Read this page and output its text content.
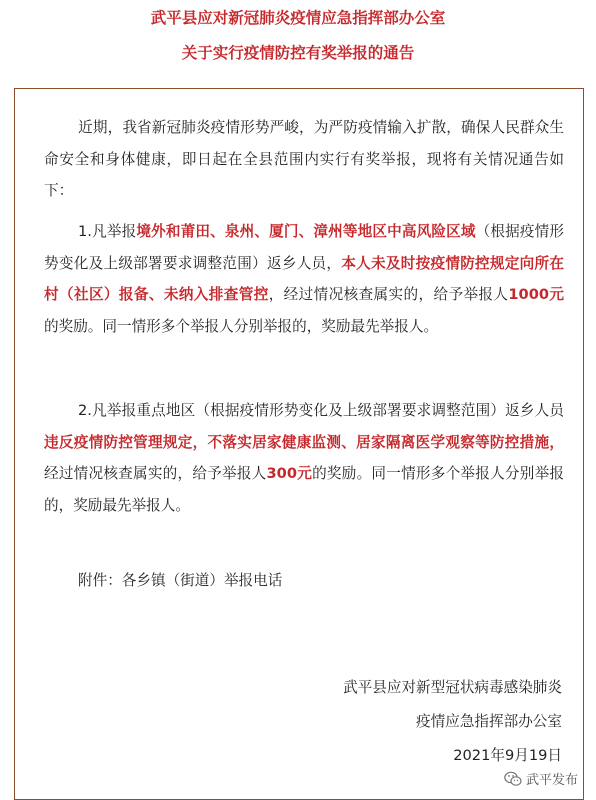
武平县应对新冠肺炎疫情应急指挥部办公室
关于实行疫情防控有奖举报的通告

近期，我省新冠肺炎疫情形势严峻，为严防疫情输入扩散，确保人民群众生命安全和身体健康，即日起在全县范围内实行有奖举报，现将有关情况通告如下：

1.凡举报境外和莆田、泉州、厦门、漳州等地区中高风险区域（根据疫情形势变化及上级部署要求调整范围）返乡人员，本人未及时按疫情防控规定向所在村（社区）报备、未纳入排查管控，经过情况核查属实的，给予举报人1000元的奖励。同一情形多个举报人分别举报的，奖励最先举报人。

2.凡举报重点地区（根据疫情形势变化及上级部署要求调整范围）返乡人员违反疫情防控管理规定，不落实居家健康监测、居家隔离医学观察等防控措施，经过情况核查属实的，给予举报人300元的奖励。同一情形多个举报人分别举报的，奖励最先举报人。

附件：各乡镇（街道）举报电话

武平县应对新型冠状病毒感染肺炎
疫情应急指挥部办公室
2021年9月19日
武平发布
